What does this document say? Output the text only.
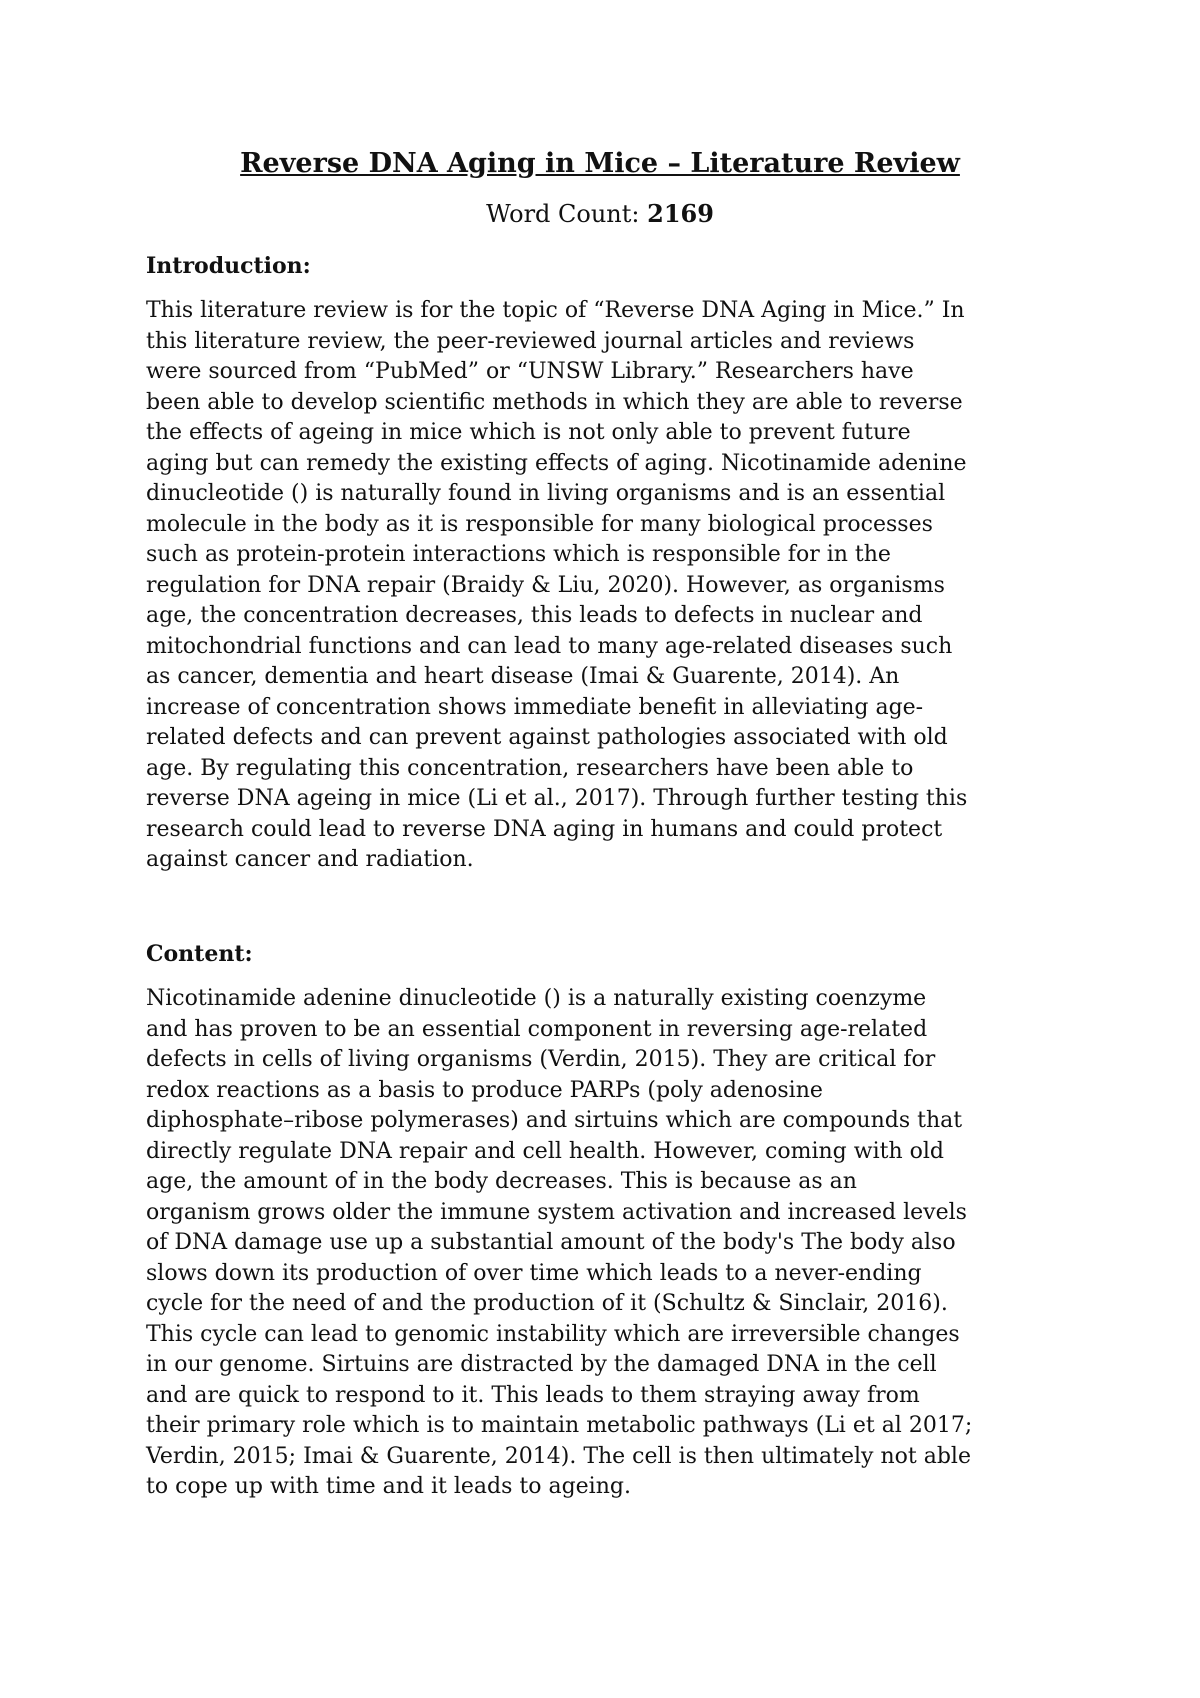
Reverse DNA Aging in Mice – Literature Review

Word Count: 2169

Introduction:

This literature review is for the topic of “Reverse DNA Aging in Mice.” In
this literature review, the peer-reviewed journal articles and reviews
were sourced from “PubMed” or “UNSW Library.” Researchers have
been able to develop scientific methods in which they are able to reverse
the effects of ageing in mice which is not only able to prevent future
aging but can remedy the existing effects of aging. Nicotinamide adenine
dinucleotide () is naturally found in living organisms and is an essential
molecule in the body as it is responsible for many biological processes
such as protein-protein interactions which is responsible for in the
regulation for DNA repair (Braidy & Liu, 2020). However, as organisms
age, the concentration decreases, this leads to defects in nuclear and
mitochondrial functions and can lead to many age-related diseases such
as cancer, dementia and heart disease (Imai & Guarente, 2014). An
increase of concentration shows immediate benefit in alleviating age-
related defects and can prevent against pathologies associated with old
age. By regulating this concentration, researchers have been able to
reverse DNA ageing in mice (Li et al., 2017). Through further testing this
research could lead to reverse DNA aging in humans and could protect
against cancer and radiation.

Content:

Nicotinamide adenine dinucleotide () is a naturally existing coenzyme
and has proven to be an essential component in reversing age-related
defects in cells of living organisms (Verdin, 2015). They are critical for
redox reactions as a basis to produce PARPs (poly adenosine
diphosphate–ribose polymerases) and sirtuins which are compounds that
directly regulate DNA repair and cell health. However, coming with old
age, the amount of in the body decreases. This is because as an
organism grows older the immune system activation and increased levels
of DNA damage use up a substantial amount of the body's The body also
slows down its production of over time which leads to a never-ending
cycle for the need of and the production of it (Schultz & Sinclair, 2016).
This cycle can lead to genomic instability which are irreversible changes
in our genome. Sirtuins are distracted by the damaged DNA in the cell
and are quick to respond to it. This leads to them straying away from
their primary role which is to maintain metabolic pathways (Li et al 2017;
Verdin, 2015; Imai & Guarente, 2014). The cell is then ultimately not able
to cope up with time and it leads to ageing.
